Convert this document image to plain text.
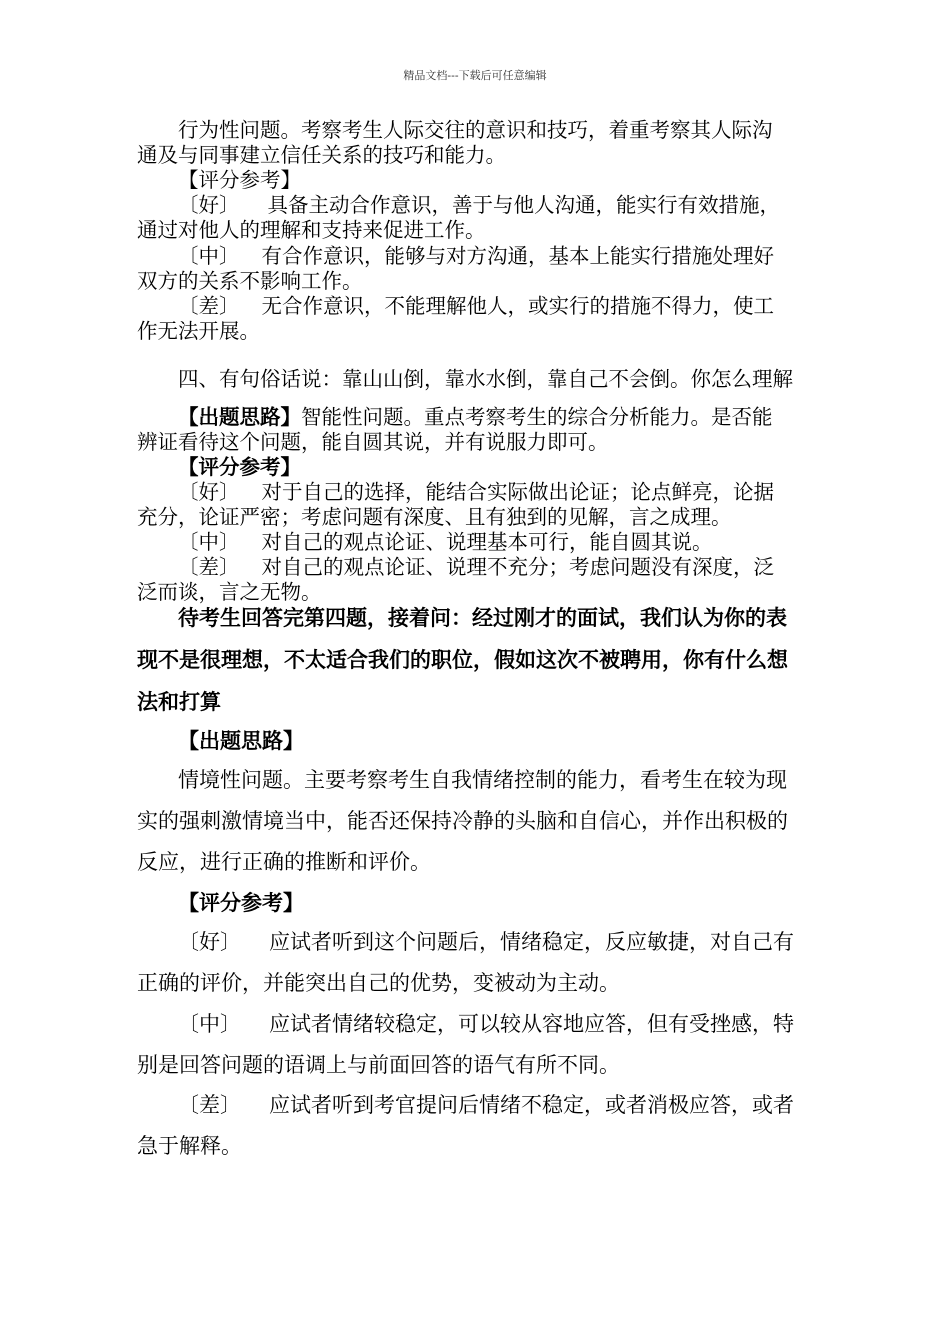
精品文档---下载后可任意编辑
行为性问题。考察考生人际交往的意识和技巧，着重考察其人际沟
通及与同事建立信任关系的技巧和能力。
【评分参考】
〔好〕 具备主动合作意识，善于与他人沟通，能实行有效措施，
通过对他人的理解和支持来促进工作。
〔中〕 有合作意识，能够与对方沟通，基本上能实行措施处理好
双方的关系不影响工作。
〔差〕 无合作意识，不能理解他人，或实行的措施不得力，使工
作无法开展。
四、有句俗话说：靠山山倒，靠水水倒，靠自己不会倒。你怎么理解
【出题思路】智能性问题。重点考察考生的综合分析能力。是否能
辨证看待这个问题，能自圆其说，并有说服力即可。
【评分参考】
〔好〕 对于自己的选择，能结合实际做出论证；论点鲜亮，论据
充分，论证严密；考虑问题有深度、且有独到的见解，言之成理。
〔中〕 对自己的观点论证、说理基本可行，能自圆其说。
〔差〕 对自己的观点论证、说理不充分；考虑问题没有深度，泛
泛而谈，言之无物。
待考生回答完第四题，接着问：经过刚才的面试，我们认为你的表
现不是很理想，不太适合我们的职位，假如这次不被聘用，你有什么想
法和打算
【出题思路】
情境性问题。主要考察考生自我情绪控制的能力，看考生在较为现
实的强刺激情境当中，能否还保持冷静的头脑和自信心，并作出积极的
反应，进行正确的推断和评价。
【评分参考】
〔好〕 应试者听到这个问题后，情绪稳定，反应敏捷，对自己有
正确的评价，并能突出自己的优势，变被动为主动。
〔中〕 应试者情绪较稳定，可以较从容地应答，但有受挫感，特
别是回答问题的语调上与前面回答的语气有所不同。
〔差〕 应试者听到考官提问后情绪不稳定，或者消极应答，或者
急于解释。
